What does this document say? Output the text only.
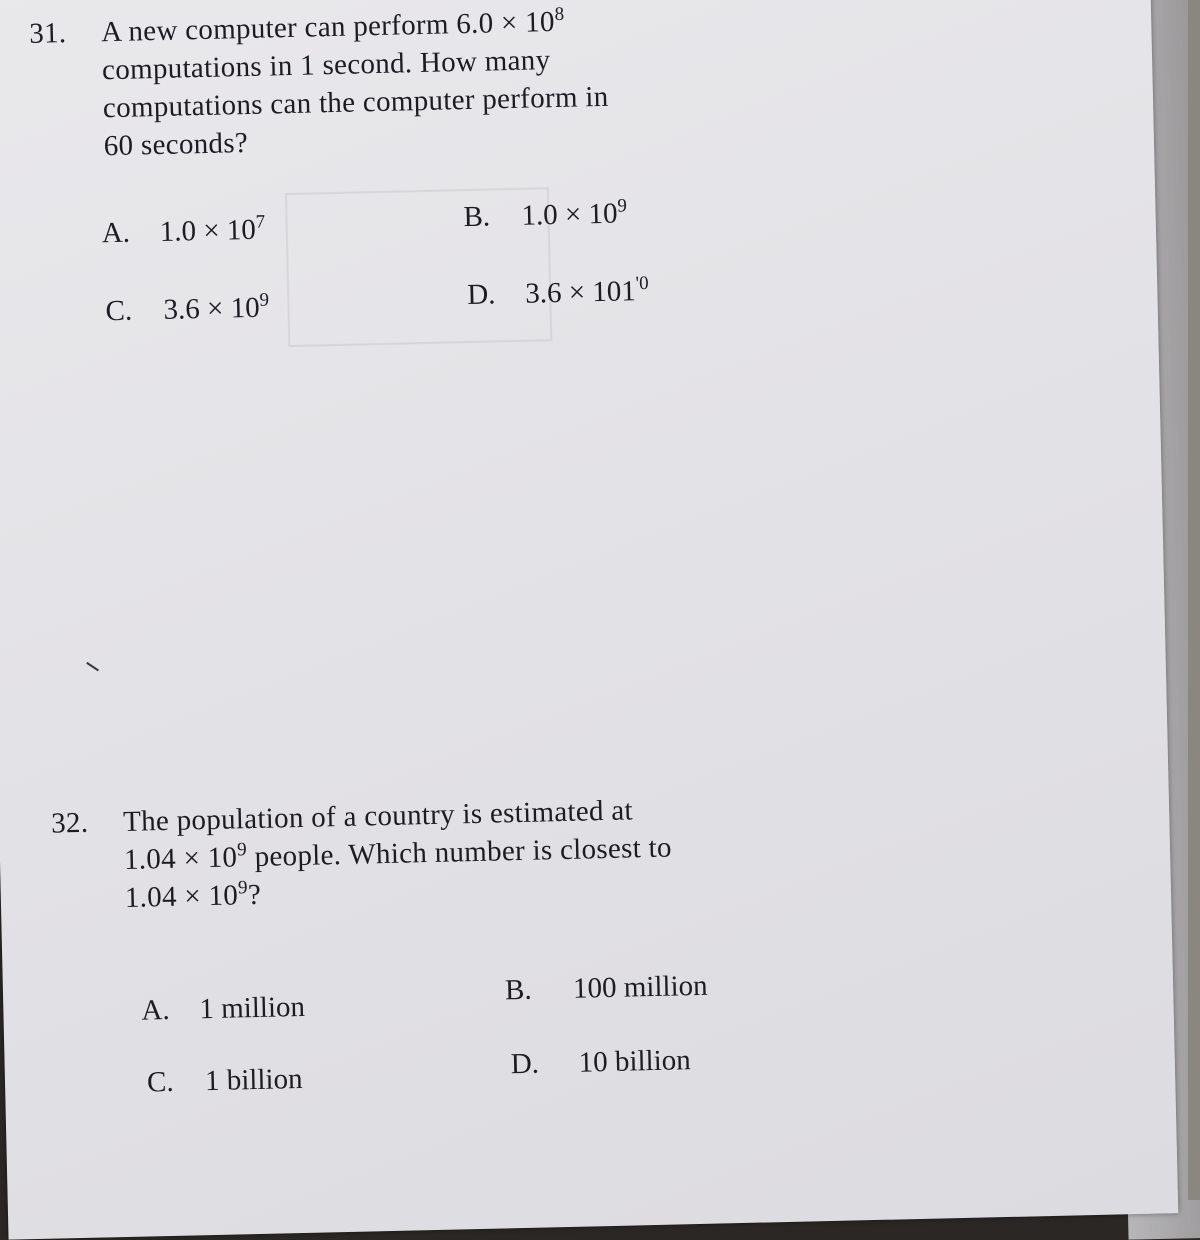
31. A new computer can perform $6.0 \times 10^8$
computations in 1 second. How many
computations can the computer perform in
60 seconds?
A. $1.0 \times 10^7$	B. $1.0 \times 10^9$
C. $3.6 \times 10^9$	D. $3.6 \times 101^{'0}$
32. The population of a country is estimated at
$1.04 \times 10^9$ people. Which number is closest to
$1.04 \times 10^9$?
A. 1 million
B. 100 million
C. 1 billion	D. 10 billion
